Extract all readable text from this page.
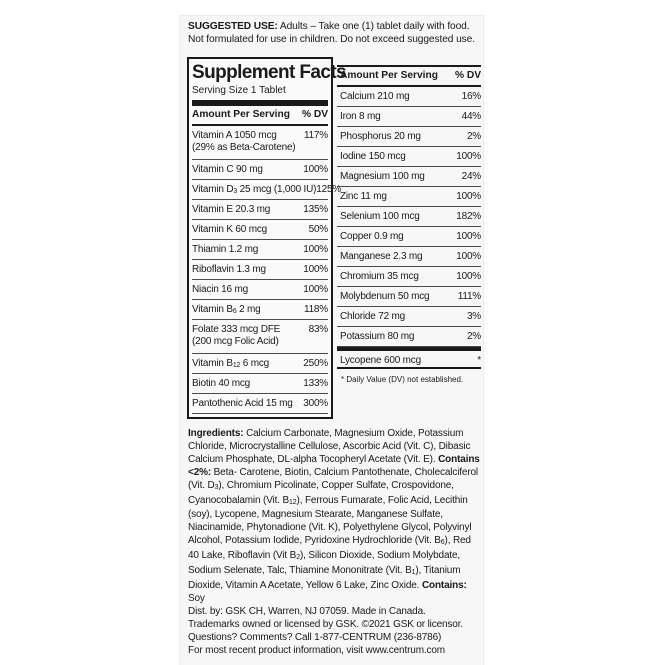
SUGGESTED USE: Adults – Take one (1) tablet daily with food.
Not formulated for use in children. Do not exceed suggested use.
Supplement Facts
Serving Size 1 Tablet
Amount Per Serving % DV
Vitamin A 1050 mcg
(29% as Beta-Carotene)
117%
Vitamin C 90 mg	100%
Vitamin D3 25 mcg (1,000 IU) 125%
Vitamin E 20.3 mg	135%
Vitamin K 60 mcg	50%
Thiamin 1.2 mg	100%
Riboflavin 1.3 mg	100%
Niacin 16 mg	100%
Vitamin B6 2 mg	118%
Folate 333 mcg DFE
(200 mcg Folic Acid)
83%
Vitamin B12 6 mcg	250%
Biotin 40 mcg	133%
Pantothenic Acid 15 mg 300%
Amount Per Serving % DV
Calcium 210 mg	16%
Iron 8 mg	44%
Phosphorus 20 mg	2%
Iodine 150 mcg	100%
Magnesium 100 mg	24%
Zinc 11 mg	100%
Selenium 100 mcg	182%
Copper 0.9 mg	100%
Manganese 2.3 mg	100%
Chromium 35 mcg	100%
Molybdenum 50 mcg	111%
Chloride 72 mg	3%
Potassium 80 mg	2%
Lycopene 600 mcg	*
* Daily Value (DV) not established.

Ingredients: Calcium Carbonate, Magnesium Oxide, Potassium Chloride, Microcrystalline Cellulose, Ascorbic Acid (Vit. C), Dibasic Calcium Phosphate, DL-alpha Tocopheryl Acetate (Vit. E). Contains <2%: Beta- Carotene, Biotin, Calcium Pantothenate, Cholecalciferol (Vit. D3), Chromium Picolinate, Copper Sulfate, Crospovidone, Cyanocobalamin (Vit. B12), Ferrous Fumarate, Folic Acid, Lecithin (soy), Lycopene, Magnesium Stearate, Manganese Sulfate, Niacinamide, Phytonadione (Vit. K), Polyethylene Glycol, Polyvinyl Alcohol, Potassium Iodide, Pyridoxine Hydrochloride (Vit. B6), Red 40 Lake, Riboflavin (Vit B2), Silicon Dioxide, Sodium Molybdate, Sodium Selenate, Talc, Thiamine Mononitrate (Vit. B1), Titanium Dioxide, Vitamin A Acetate, Yellow 6 Lake, Zinc Oxide. Contains: Soy

Dist. by: GSK CH, Warren, NJ 07059. Made in Canada.

Trademarks owned or licensed by GSK. ©2021 GSK or licensor.

Questions? Comments? Call 1-877-CENTRUM (236-8786)

For most recent product information, visit www.centrum.com
